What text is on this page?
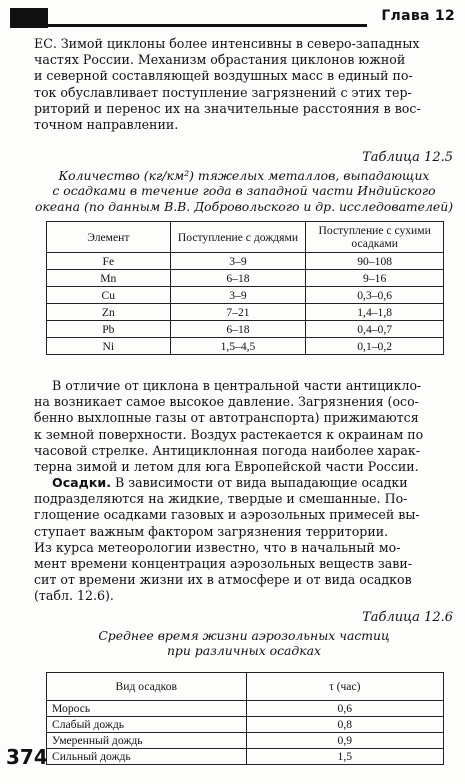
Глава 12

ЕС. Зимой циклоны более интенсивны в северо-западных
частях России. Механизм обрастания циклонов южной
и северной составляющей воздушных масс в единый по-
ток обуславливает поступление загрязнений с этих тер-
риторий и перенос их на значительные расстояния в вос-
точном направлении.

Таблица 12.5

Количество (кг/км²) тяжелых металлов, выпадающих
с осадками в течение года в западной части Индийского
океана (по данным В.В. Добровольского и др. исследователей)

Элемент	Поступление с дождями	Поступление с сухими осадками
Fe	3–9	90–108
Mn	6–18	9–16
Cu	3–9	0,3–0,6
Zn	7–21	1,4–1,8
Pb	6–18	0,4–0,7
Ni	1,5–4,5	0,1–0,2

В отличие от циклона в центральной части антицикло-
на возникает самое высокое давление. Загрязнения (осо-
бенно выхлопные газы от автотранспорта) прижимаются
к земной поверхности. Воздух растекается к окраинам по
часовой стрелке. Антициклонная погода наиболее харак-
терна зимой и летом для юга Европейской части России.

Осадки. В зависимости от вида выпадающие осадки
подразделяются на жидкие, твердые и смешанные. По-
глощение осадками газовых и аэрозольных примесей вы-
ступает важным фактором загрязнения территории.
Из курса метеорологии известно, что в начальный мо-
мент времени концентрация аэрозольных веществ зави-
сит от времени жизни их в атмосфере и от вида осадков
(табл. 12.6).

Таблица 12.6

Среднее время жизни аэрозольных частиц
при различных осадках

Вид осадков	τ (час)
Морось	0,6
Слабый дождь	0,8
Умеренный дождь	0,9
Сильный дождь	1,5
374
